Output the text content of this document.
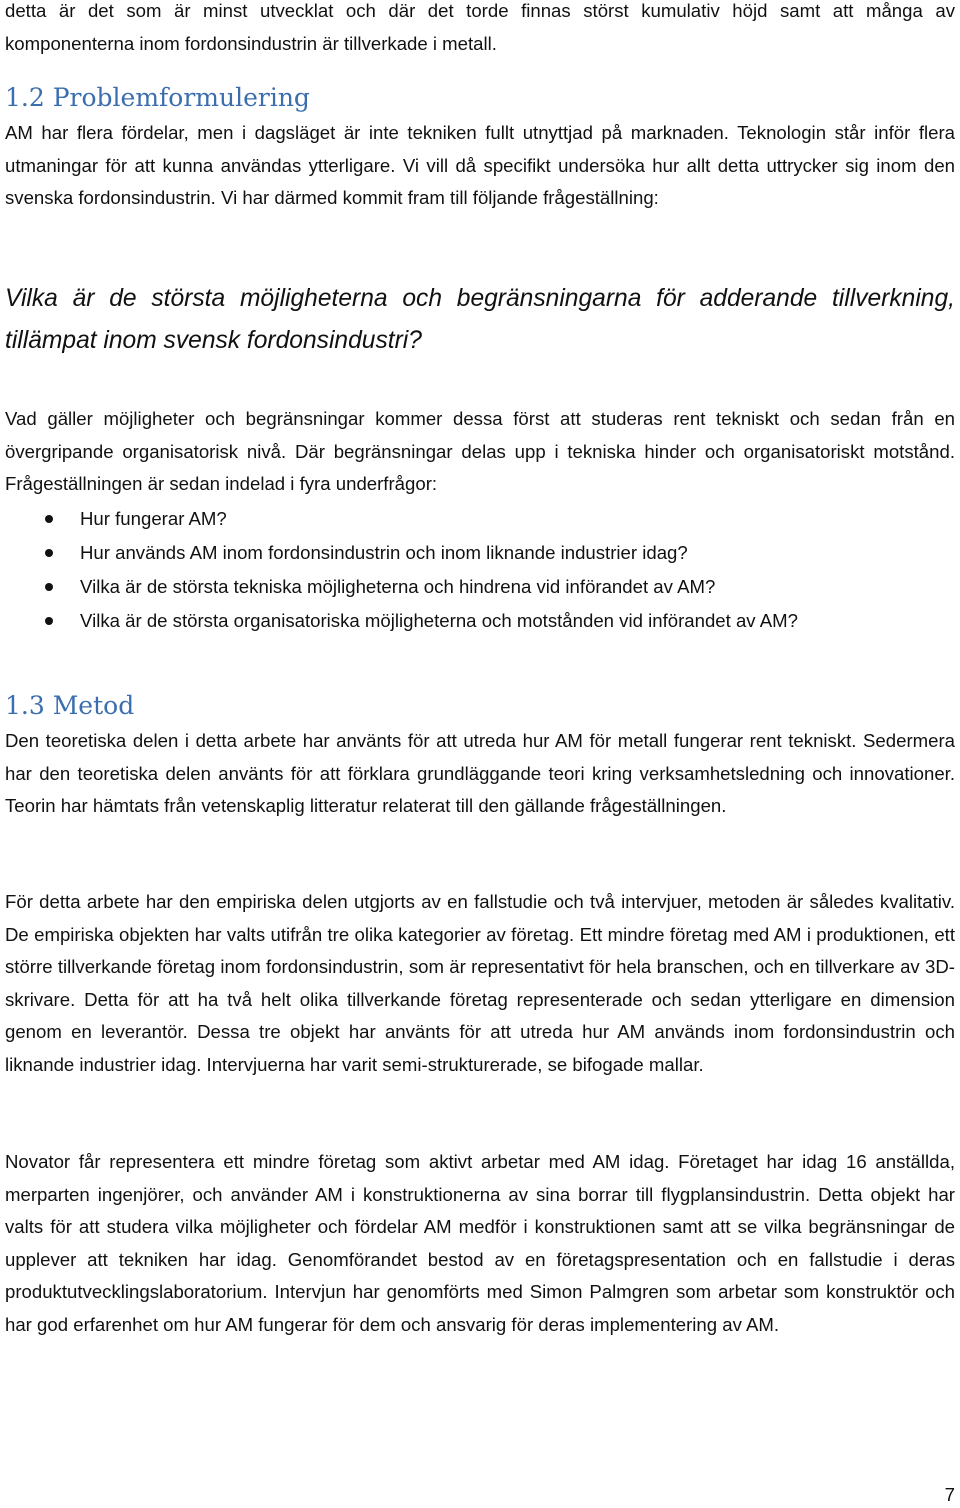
detta är det som är minst utvecklat och där det torde finnas störst kumulativ höjd samt att många av komponenterna inom fordonsindustrin är tillverkade i metall.

1.2 Problemformulering

AM har flera fördelar, men i dagsläget är inte tekniken fullt utnyttjad på marknaden. Teknologin står inför flera utmaningar för att kunna användas ytterligare. Vi vill då specifikt undersöka hur allt detta uttrycker sig inom den svenska fordonsindustrin. Vi har därmed kommit fram till följande frågeställning:

Vilka är de största möjligheterna och begränsningarna för adderande tillverkning, tillämpat inom svensk fordonsindustri?

Vad gäller möjligheter och begränsningar kommer dessa först att studeras rent tekniskt och sedan från en övergripande organisatorisk nivå. Där begränsningar delas upp i tekniska hinder och organisatoriskt motstånd. Frågeställningen är sedan indelad i fyra underfrågor:

Hur fungerar AM?
Hur används AM inom fordonsindustrin och inom liknande industrier idag?
Vilka är de största tekniska möjligheterna och hindrena vid införandet av AM?
Vilka är de största organisatoriska möjligheterna och motstånden vid införandet av AM?
1.3 Metod

Den teoretiska delen i detta arbete har använts för att utreda hur AM för metall fungerar rent tekniskt. Sedermera har den teoretiska delen använts för att förklara grundläggande teori kring verksamhetsledning och innovationer. Teorin har hämtats från vetenskaplig litteratur relaterat till den gällande frågeställningen.

För detta arbete har den empiriska delen utgjorts av en fallstudie och två intervjuer, metoden är således kvalitativ. De empiriska objekten har valts utifrån tre olika kategorier av företag. Ett mindre företag med AM i produktionen, ett större tillverkande företag inom fordonsindustrin, som är representativt för hela branschen, och en tillverkare av 3D-skrivare. Detta för att ha två helt olika tillverkande företag representerade och sedan ytterligare en dimension genom en leverantör. Dessa tre objekt har använts för att utreda hur AM används inom fordonsindustrin och liknande industrier idag. Intervjuerna har varit semi-strukturerade, se bifogade mallar.

Novator får representera ett mindre företag som aktivt arbetar med AM idag. Företaget har idag 16 anställda, merparten ingenjörer, och använder AM i konstruktionerna av sina borrar till flygplansindustrin. Detta objekt har valts för att studera vilka möjligheter och fördelar AM medför i konstruktionen samt att se vilka begränsningar de upplever att tekniken har idag. Genomförandet bestod av en företagspresentation och en fallstudie i deras produktutvecklingslaboratorium. Intervjun har genomförts med Simon Palmgren som arbetar som konstruktör och har god erfarenhet om hur AM fungerar för dem och ansvarig för deras implementering av AM.

7
